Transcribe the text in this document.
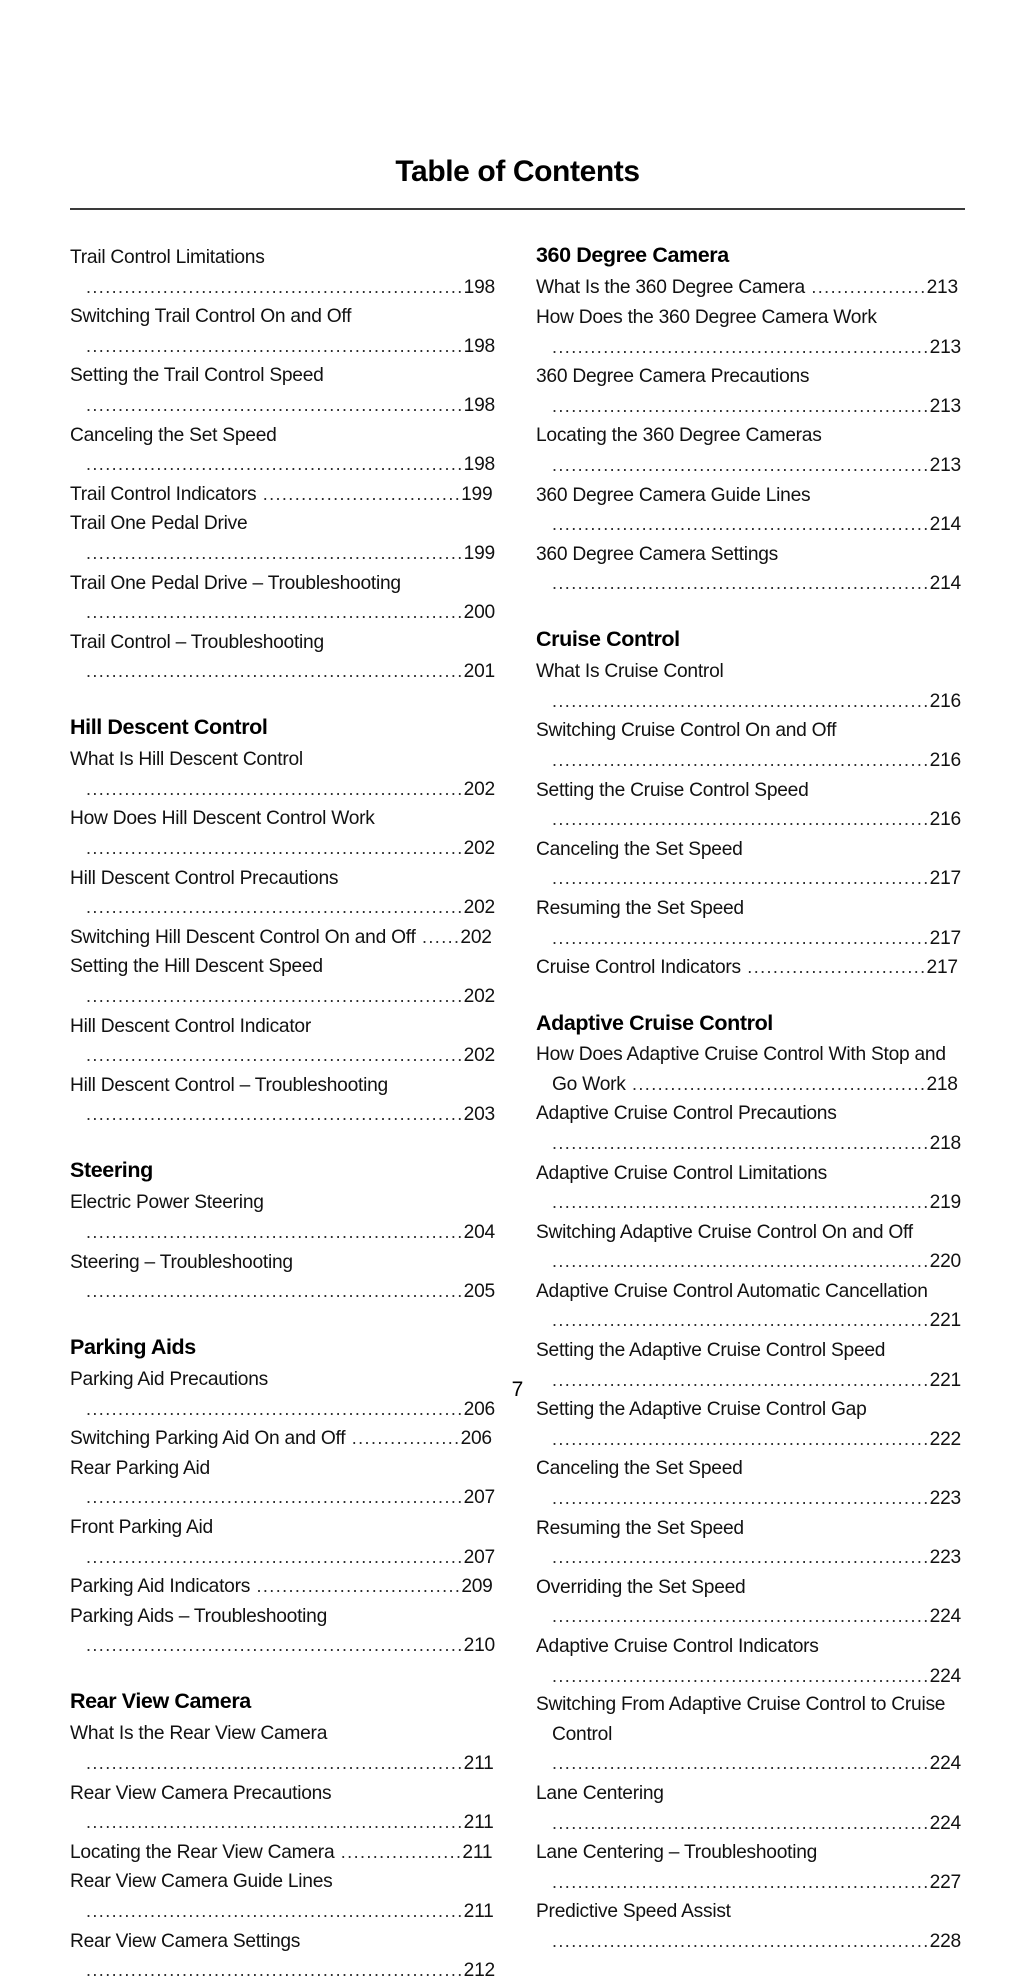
Table of Contents
Trail Control Limitations ...........................................................198
Switching Trail Control On and Off ...........................................................198
Setting the Trail Control Speed ...........................................................198
Canceling the Set Speed ...........................................................198
Trail Control Indicators ...............................199
Trail One Pedal Drive ...........................................................199
Trail One Pedal Drive – Troubleshooting ...........................................................200
Trail Control – Troubleshooting ...........................................................201
Hill Descent Control
What Is Hill Descent Control ...........................................................202
How Does Hill Descent Control Work ...........................................................202
Hill Descent Control Precautions ...........................................................202
Switching Hill Descent Control On and Off ......202
Setting the Hill Descent Speed ...........................................................202
Hill Descent Control Indicator ...........................................................202
Hill Descent Control – Troubleshooting ...........................................................203
Steering
Electric Power Steering ...........................................................204
Steering – Troubleshooting ...........................................................205
Parking Aids
Parking Aid Precautions ...........................................................206
Switching Parking Aid On and Off .................206
Rear Parking Aid ...........................................................207
Front Parking Aid ...........................................................207
Parking Aid Indicators ................................209
Parking Aids – Troubleshooting ...........................................................210
Rear View Camera
What Is the Rear View Camera ...........................................................211
Rear View Camera Precautions ...........................................................211
Locating the Rear View Camera ...................211
Rear View Camera Guide Lines ...........................................................211
Rear View Camera Settings ...........................................................212
360 Degree Camera
What Is the 360 Degree Camera ..................213
How Does the 360 Degree Camera Work ...........................................................213
360 Degree Camera Precautions ...........................................................213
Locating the 360 Degree Cameras ...........................................................213
360 Degree Camera Guide Lines ...........................................................214
360 Degree Camera Settings ...........................................................214
Cruise Control
What Is Cruise Control ...........................................................216
Switching Cruise Control On and Off ...........................................................216
Setting the Cruise Control Speed ...........................................................216
Canceling the Set Speed ...........................................................217
Resuming the Set Speed ...........................................................217
Cruise Control Indicators ............................217
Adaptive Cruise Control
How Does Adaptive Cruise Control With Stop and Go Work ..............................................218
Adaptive Cruise Control Precautions ...........................................................218
Adaptive Cruise Control Limitations ...........................................................219
Switching Adaptive Cruise Control On and Off ...........................................................220
Adaptive Cruise Control Automatic Cancellation ...........................................................221
Setting the Adaptive Cruise Control Speed ...........................................................221
Setting the Adaptive Cruise Control Gap ...........................................................222
Canceling the Set Speed ...........................................................223
Resuming the Set Speed ...........................................................223
Overriding the Set Speed ...........................................................224
Adaptive Cruise Control Indicators ...........................................................224
Switching From Adaptive Cruise Control to Cruise Control ...........................................................224
Lane Centering ...........................................................224
Lane Centering – Troubleshooting ...........................................................227
Predictive Speed Assist ...........................................................228
7
